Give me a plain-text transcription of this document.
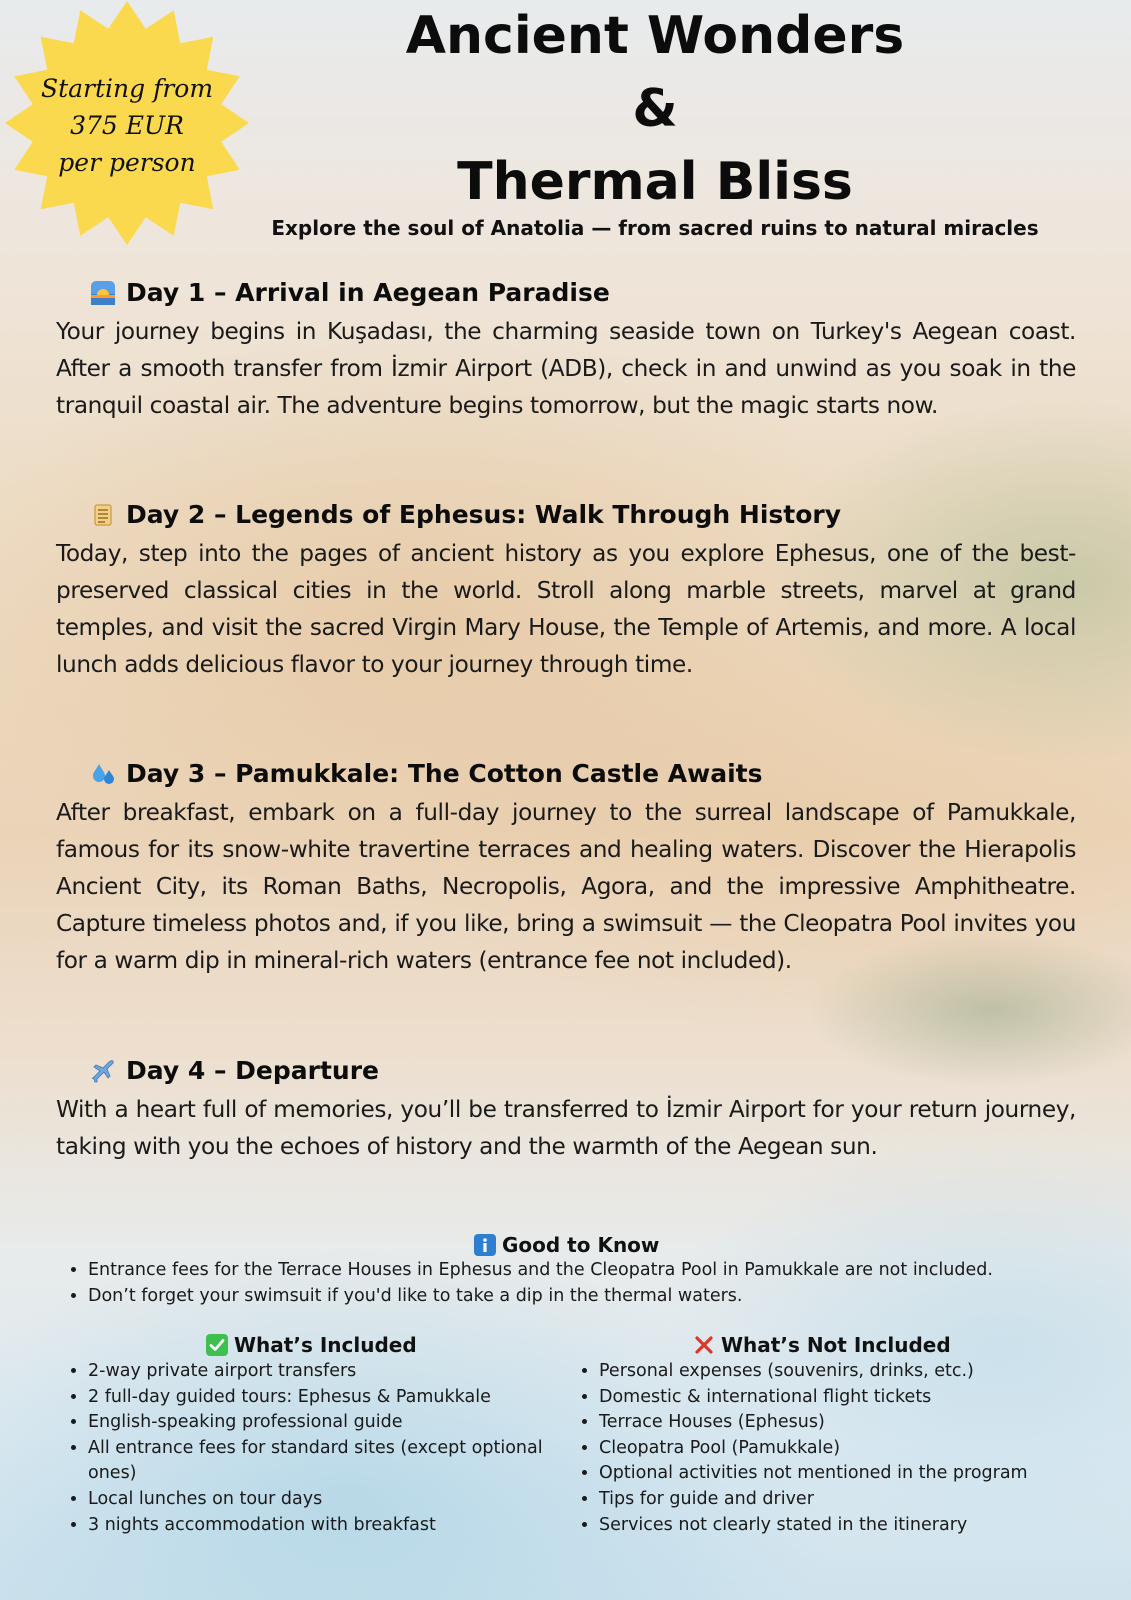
Starting from
375 EUR
per person
Ancient Wonders
&
Thermal Bliss
Explore the soul of Anatolia — from sacred ruins to natural miracles
Day 1 – Arrival in Aegean Paradise

Your journey begins in Kuşadası, the charming seaside town on Turkey's Aegean coast. After a smooth transfer from İzmir Airport (ADB), check in and unwind as you soak in the tranquil coastal air. The adventure begins tomorrow, but the magic starts now.

Day 2 – Legends of Ephesus: Walk Through History

Today, step into the pages of ancient history as you explore Ephesus, one of the best-preserved classical cities in the world. Stroll along marble streets, marvel at grand temples, and visit the sacred Virgin Mary House, the Temple of Artemis, and more. A local lunch adds delicious flavor to your journey through time.

Day 3 – Pamukkale: The Cotton Castle Awaits

After breakfast, embark on a full-day journey to the surreal landscape of Pamukkale, famous for its snow-white travertine terraces and healing waters. Discover the Hierapolis Ancient City, its Roman Baths, Necropolis, Agora, and the impressive Amphitheatre. Capture timeless photos and, if you like, bring a swimsuit — the Cleopatra Pool invites you for a warm dip in mineral-rich waters (entrance fee not included).

Day 4 – Departure

With a heart full of memories, you’ll be transferred to İzmir Airport for your return journey, taking with you the echoes of history and the warmth of the Aegean sun.

Good to Know
• Entrance fees for the Terrace Houses in Ephesus and the Cleopatra Pool in Pamukkale are not included.
• Don’t forget your swimsuit if you'd like to take a dip in the thermal waters.
What’s Included
• 2-way private airport transfers
• 2 full-day guided tours: Ephesus & Pamukkale
• English-speaking professional guide
• All entrance fees for standard sites (except optional ones)
• Local lunches on tour days
• 3 nights accommodation with breakfast
What’s Not Included
• Personal expenses (souvenirs, drinks, etc.)
• Domestic & international flight tickets
• Terrace Houses (Ephesus)
• Cleopatra Pool (Pamukkale)
• Optional activities not mentioned in the program
• Tips for guide and driver
• Services not clearly stated in the itinerary
